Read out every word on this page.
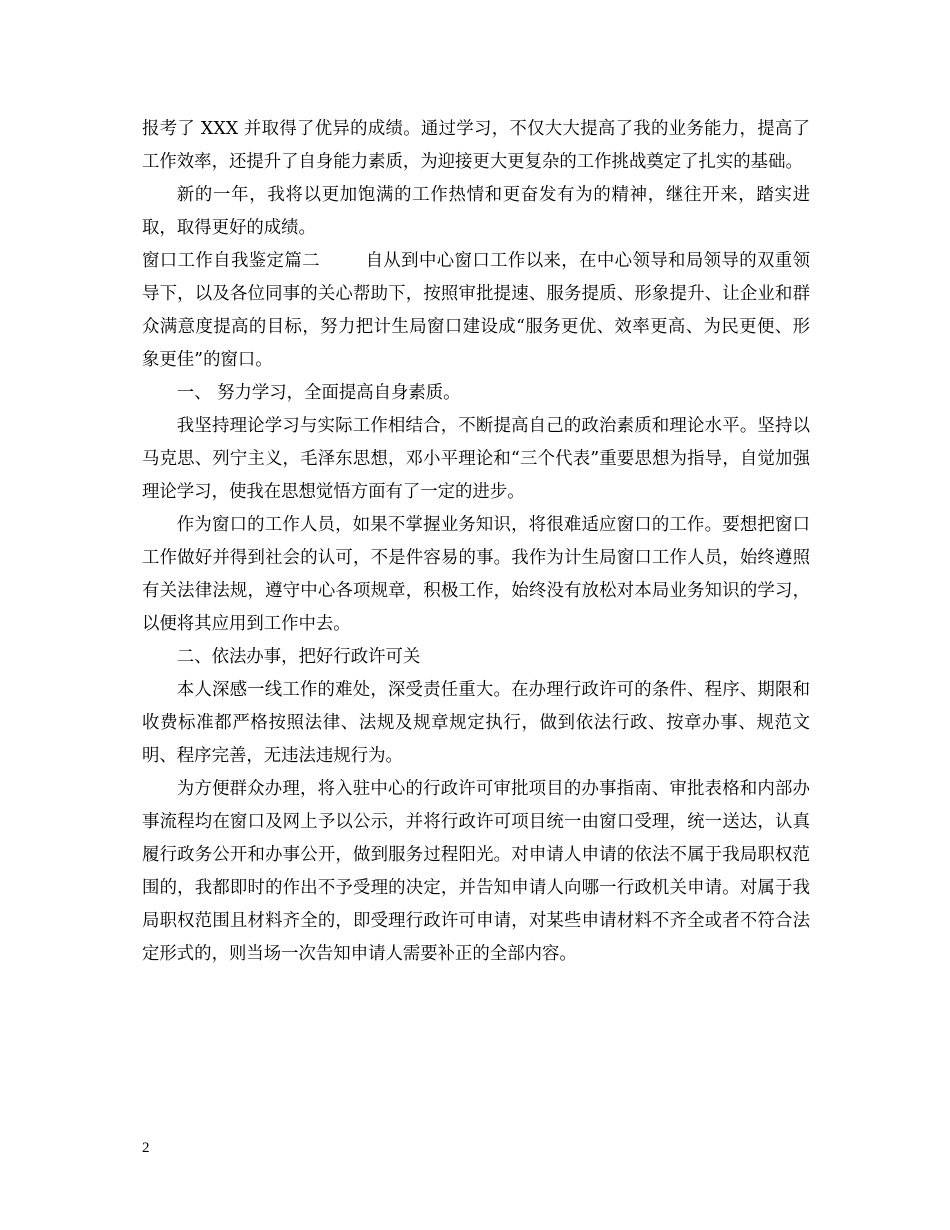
报考了 XXX 并取得了优异的成绩。通过学习，不仅大大提高了我的业务能力，提高了工作效率，还提升了自身能力素质，为迎接更大更复杂的工作挑战奠定了扎实的基础。

新的一年，我将以更加饱满的工作热情和更奋发有为的精神，继往开来，踏实进取，取得更好的成绩。

窗口工作自我鉴定篇二	自从到中心窗口工作以来，在中心领导和局领导的双重领导下，以及各位同事的关心帮助下，按照审批提速、服务提质、形象提升、让企业和群众满意度提高的目标，努力把计生局窗口建设成“服务更优、效率更高、为民更便、形象更佳”的窗口。

一、 努力学习，全面提高自身素质。

我坚持理论学习与实际工作相结合，不断提高自己的政治素质和理论水平。坚持以马克思、列宁主义，毛泽东思想，邓小平理论和“三个代表”重要思想为指导，自觉加强理论学习，使我在思想觉悟方面有了一定的进步。

作为窗口的工作人员，如果不掌握业务知识，将很难适应窗口的工作。要想把窗口工作做好并得到社会的认可，不是件容易的事。我作为计生局窗口工作人员，始终遵照有关法律法规，遵守中心各项规章，积极工作，始终没有放松对本局业务知识的学习，以便将其应用到工作中去。

二、依法办事，把好行政许可关

本人深感一线工作的难处，深受责任重大。在办理行政许可的条件、程序、期限和收费标准都严格按照法律、法规及规章规定执行，做到依法行政、按章办事、规范文明、程序完善，无违法违规行为。

为方便群众办理，将入驻中心的行政许可审批项目的办事指南、审批表格和内部办事流程均在窗口及网上予以公示，并将行政许可项目统一由窗口受理，统一送达，认真履行政务公开和办事公开，做到服务过程阳光。对申请人申请的依法不属于我局职权范围的，我都即时的作出不予受理的决定，并告知申请人向哪一行政机关申请。对属于我局职权范围且材料齐全的，即受理行政许可申请，对某些申请材料不齐全或者不符合法定形式的，则当场一次告知申请人需要补正的全部内容。

2
